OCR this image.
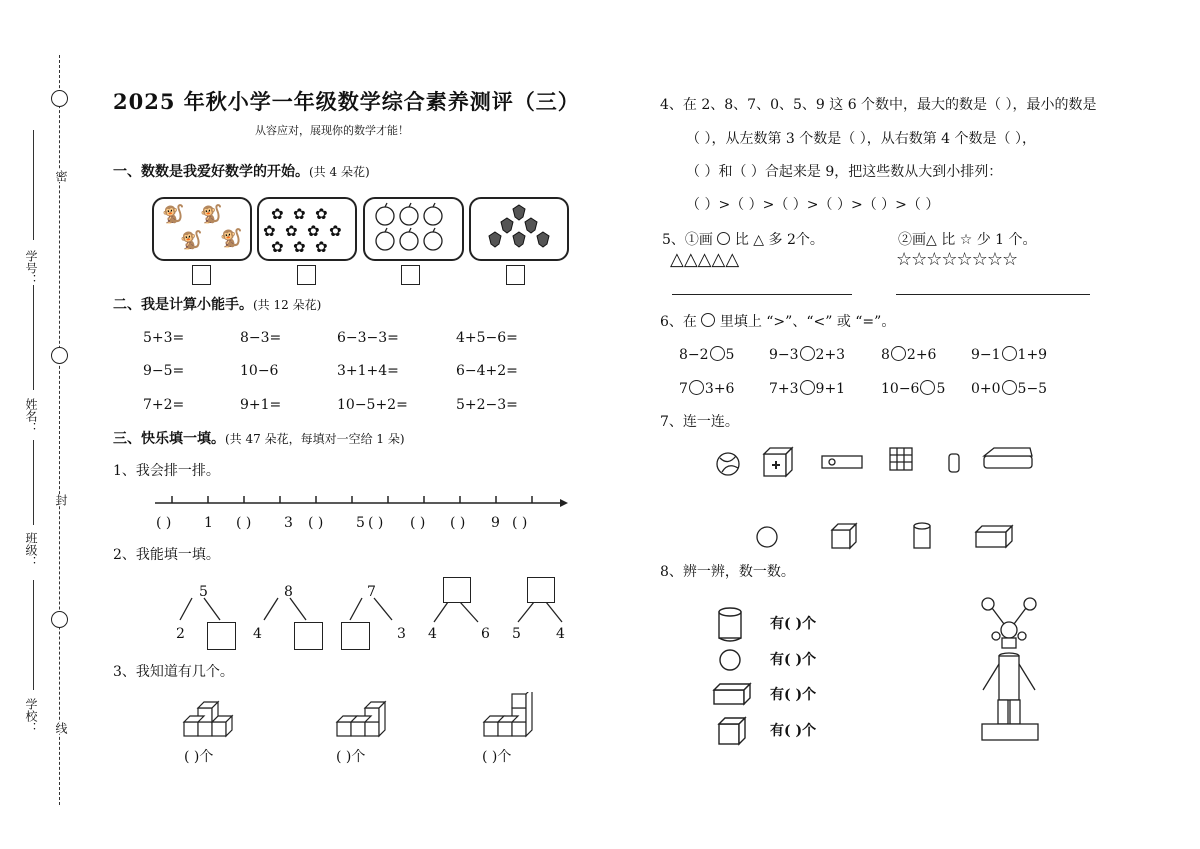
密
封
线
学号：
姓名：
班级：
学校：
2025 年秋小学一年级数学综合素养测评（三）
从容应对，展现你的数学才能！
一、数数是我爱好数学的开始。(共 4 朵花)
🐒 🐒
🐒 🐒
✿ ✿ ✿
✿ ✿ ✿ ✿
✿ ✿ ✿
二、我是计算小能手。(共 12 朵花)
5+3=	8−3=	6−3−3=	4+5−6=
9−5=	10−6	3+1+4=	6−4+2=
7+2=	9+1=	10−5+2=	5+2−3=
三、快乐填一填。(共 47 朵花，每填对一空给 1 朵)
1、我会排一排。
( ) 1 ( ) 3 ( ) 5 ( ) ( ) ( ) 9 ( )
2、我能填一填。
5
2
8
4
7
3 4	6 5	4
3、我知道有几个。
( )个	( )个	( )个
4、在 2、8、7、0、5、9 这 6 个数中，最大的数是（ ），最小的数是
（ ），从左数第 3 个数是（ ），从右数第 4 个数是（ ），
（ ）和（ ）合起来是 9，把这些数从大到小排列：
（ ）>（ ）>（ ）>（ ）>（ ）>（ ）
5、①画 比 △ 多 2个。
△△△△△
②画△ 比 ☆ 少 1 个。
☆☆☆☆☆☆☆☆
6、在 里填上 “>”、“<” 或 “=”。
8−2 5 9−3 2+3	8 2+6 9−1 1+9
7 3+6 7+3 9+1	10−6 5 0+0 5−5
7、连一连。
8、辨一辨，数一数。
有( )个
有( )个
有( )个
有( )个
